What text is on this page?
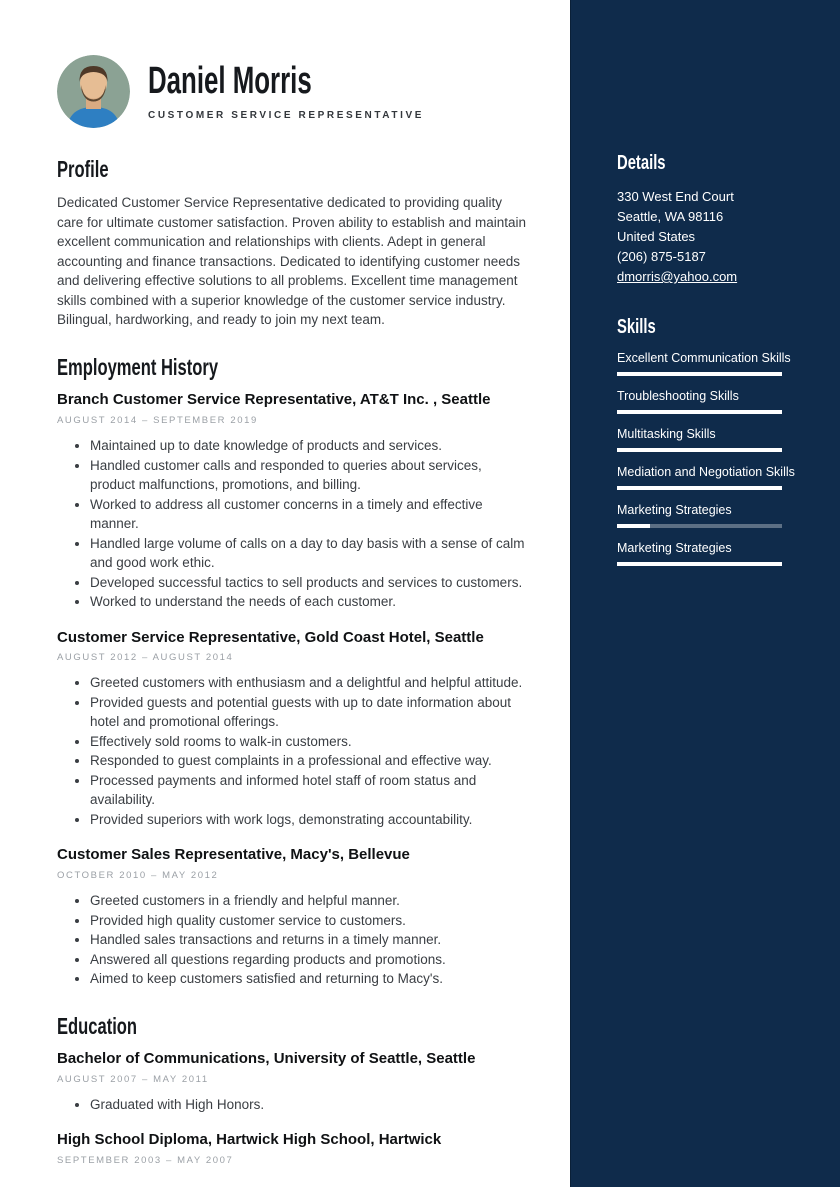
Daniel Morris
CUSTOMER SERVICE REPRESENTATIVE
Profile

Dedicated Customer Service Representative dedicated to providing quality care for ultimate customer satisfaction. Proven ability to establish and maintain excellent communication and relationships with clients. Adept in general accounting and finance transactions. Dedicated to identifying customer needs and delivering effective solutions to all problems. Excellent time management skills combined with a superior knowledge of the customer service industry. Bilingual, hardworking, and ready to join my next team.

Employment History
Branch Customer Service Representative, AT&T Inc. , Seattle
AUGUST 2014 – SEPTEMBER 2019
• Maintained up to date knowledge of products and services.
• Handled customer calls and responded to queries about services, product malfunctions, promotions, and billing.
• Worked to address all customer concerns in a timely and effective manner.
• Handled large volume of calls on a day to day basis with a sense of calm and good work ethic.
• Developed successful tactics to sell products and services to customers.
• Worked to understand the needs of each customer.
Customer Service Representative, Gold Coast Hotel, Seattle
AUGUST 2012 – AUGUST 2014
• Greeted customers with enthusiasm and a delightful and helpful attitude.
• Provided guests and potential guests with up to date information about hotel and promotional offerings.
• Effectively sold rooms to walk-in customers.
• Responded to guest complaints in a professional and effective way.
• Processed payments and informed hotel staff of room status and availability.
• Provided superiors with work logs, demonstrating accountability.
Customer Sales Representative, Macy's, Bellevue
OCTOBER 2010 – MAY 2012
• Greeted customers in a friendly and helpful manner.
• Provided high quality customer service to customers.
• Handled sales transactions and returns in a timely manner.
• Answered all questions regarding products and promotions.
• Aimed to keep customers satisfied and returning to Macy's.
Education
Bachelor of Communications, University of Seattle, Seattle
AUGUST 2007 – MAY 2011
• Graduated with High Honors.
High School Diploma, Hartwick High School, Hartwick
SEPTEMBER 2003 – MAY 2007
Details
330 West End Court
Seattle, WA 98116
United States
(206) 875-5187
dmorris@yahoo.com
Skills
Excellent Communication Skills
Troubleshooting Skills
Multitasking Skills
Mediation and Negotiation Skills
Marketing Strategies
Marketing Strategies
